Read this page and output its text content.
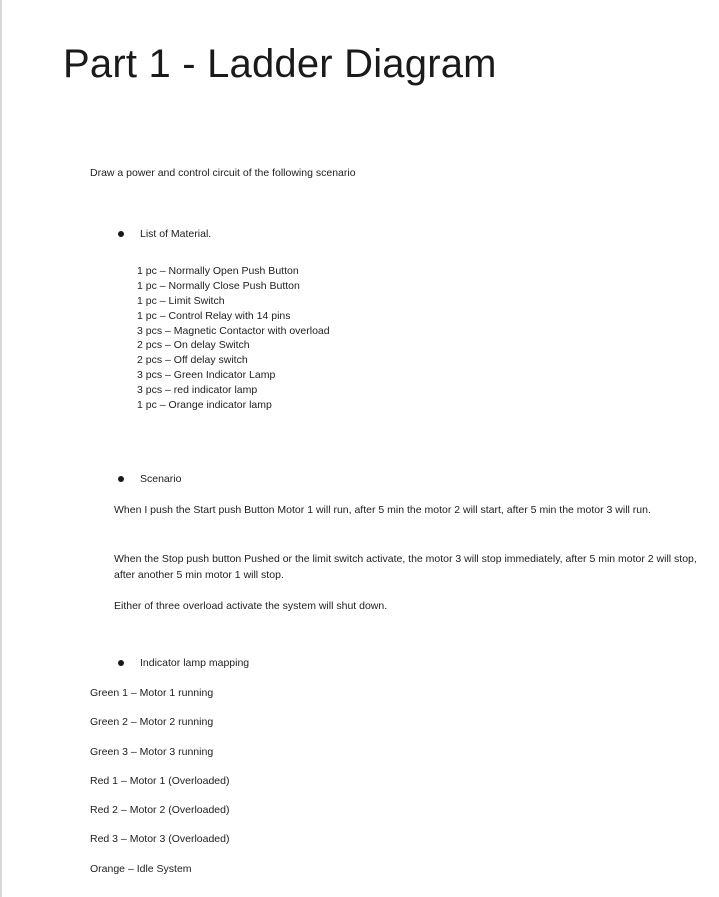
Part 1 - Ladder Diagram
Draw a power and control circuit of the following scenario
List of Material.
1 pc – Normally Open Push Button
1 pc – Normally Close Push Button
1 pc – Limit Switch
1 pc – Control Relay with 14 pins
3 pcs – Magnetic Contactor with overload
2 pcs – On delay Switch
2 pcs – Off delay switch
3 pcs – Green Indicator Lamp
3 pcs – red indicator lamp
1 pc – Orange indicator lamp
Scenario
When I push the Start push Button Motor 1 will run, after 5 min the motor 2 will start, after 5 min the motor 3 will run.
When the Stop push button Pushed or the limit switch activate, the motor 3 will stop immediately, after 5 min motor 2 will stop, after another 5 min motor 1 will stop.
Either of three overload activate the system will shut down.
Indicator lamp mapping
Green 1 – Motor 1 running
Green 2 – Motor 2 running
Green 3 – Motor 3 running
Red 1 – Motor 1 (Overloaded)
Red 2 – Motor 2 (Overloaded)
Red 3 – Motor 3 (Overloaded)
Orange – Idle System
